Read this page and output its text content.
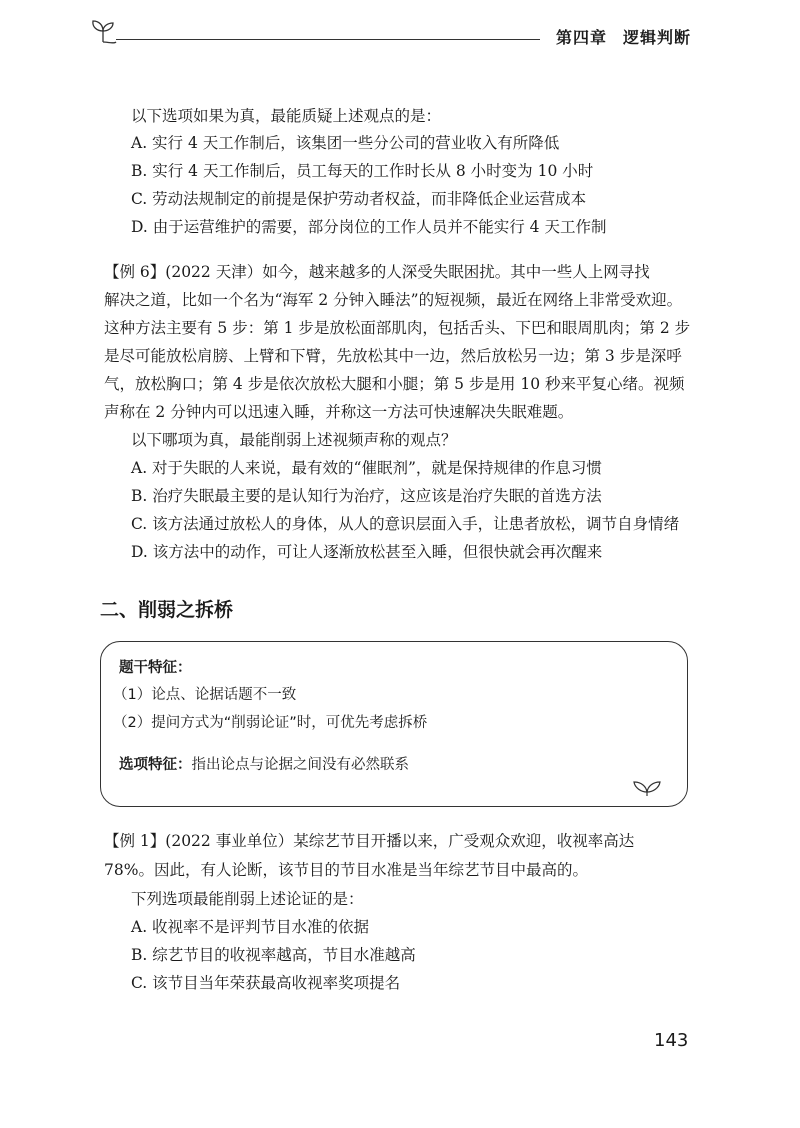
第四章 逻辑判断
以下选项如果为真，最能质疑上述观点的是：
A. 实行 4 天工作制后，该集团一些分公司的营业收入有所降低
B. 实行 4 天工作制后，员工每天的工作时长从 8 小时变为 10 小时
C. 劳动法规制定的前提是保护劳动者权益，而非降低企业运营成本
D. 由于运营维护的需要，部分岗位的工作人员并不能实行 4 天工作制
【例 6】(2022 天津）如今，越来越多的人深受失眠困扰。其中一些人上网寻找
解决之道，比如一个名为“海军 2 分钟入睡法”的短视频，最近在网络上非常受欢迎。
这种方法主要有 5 步：第 1 步是放松面部肌肉，包括舌头、下巴和眼周肌肉；第 2 步
是尽可能放松肩膀、上臂和下臂，先放松其中一边，然后放松另一边；第 3 步是深呼
气，放松胸口；第 4 步是依次放松大腿和小腿；第 5 步是用 10 秒来平复心绪。视频
声称在 2 分钟内可以迅速入睡，并称这一方法可快速解决失眠难题。
以下哪项为真，最能削弱上述视频声称的观点？
A. 对于失眠的人来说，最有效的“催眠剂”，就是保持规律的作息习惯
B. 治疗失眠最主要的是认知行为治疗，这应该是治疗失眠的首选方法
C. 该方法通过放松人的身体，从人的意识层面入手，让患者放松，调节自身情绪
D. 该方法中的动作，可让人逐渐放松甚至入睡，但很快就会再次醒来
二、削弱之拆桥
题干特征：
（1）论点、论据话题不一致
（2）提问方式为“削弱论证”时，可优先考虑拆桥
选项特征：指出论点与论据之间没有必然联系
【例 1】(2022 事业单位）某综艺节目开播以来，广受观众欢迎，收视率高达
78%。因此，有人论断，该节目的节目水准是当年综艺节目中最高的。
下列选项最能削弱上述论证的是：
A. 收视率不是评判节目水准的依据
B. 综艺节目的收视率越高，节目水准越高
C. 该节目当年荣获最高收视率奖项提名
143
